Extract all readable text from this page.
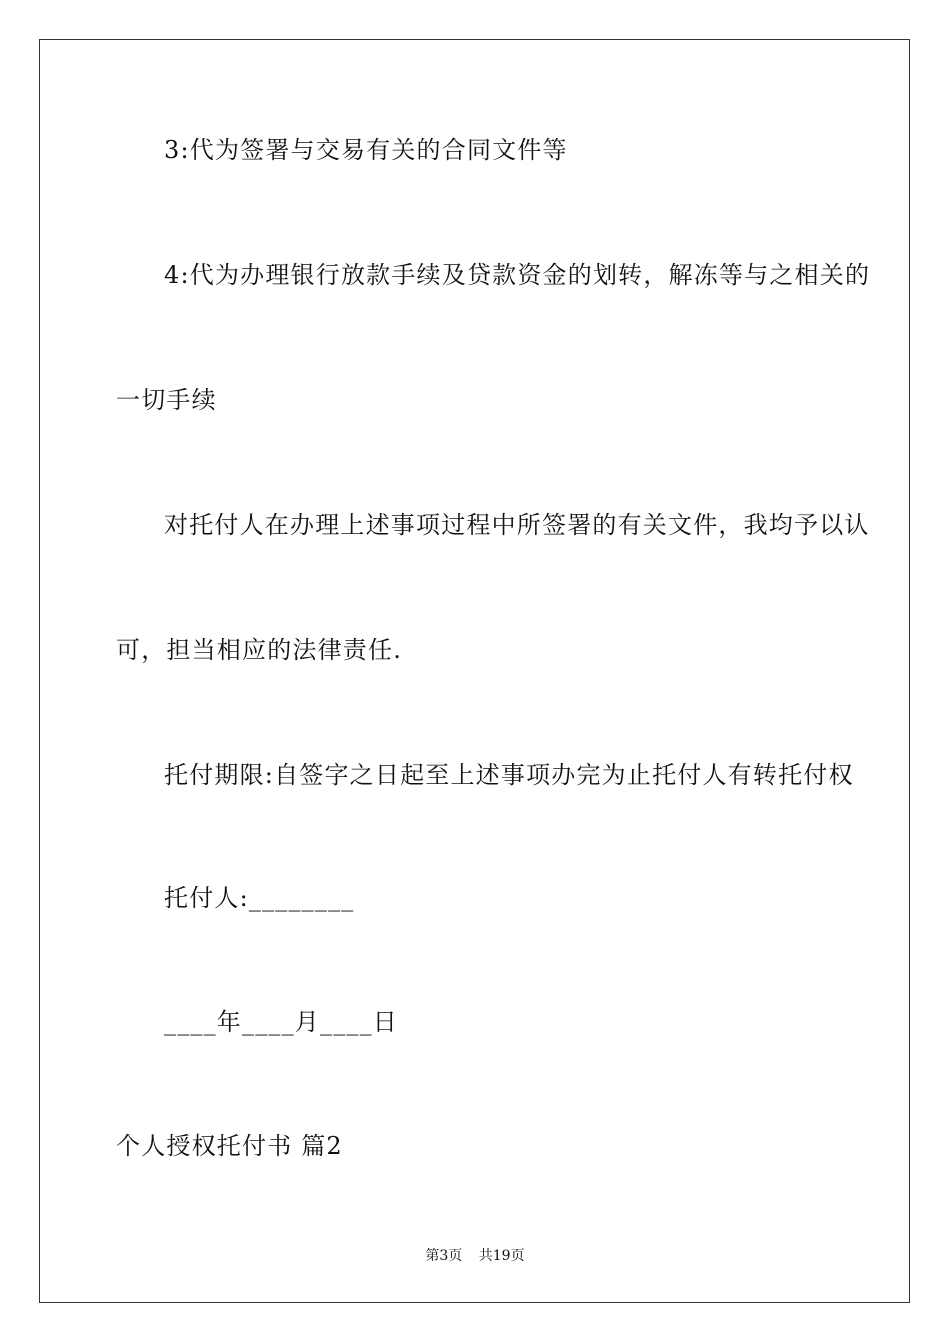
3:代为签署与交易有关的合同文件等
4:代为办理银行放款手续及贷款资金的划转，解冻等与之相关的
一切手续
对托付人在办理上述事项过程中所签署的有关文件，我均予以认
可，担当相应的法律责任.
托付期限:自签字之日起至上述事项办完为止托付人有转托付权
托付人:________
____年____月____日
个人授权托付书 篇2
第3页 共19页
